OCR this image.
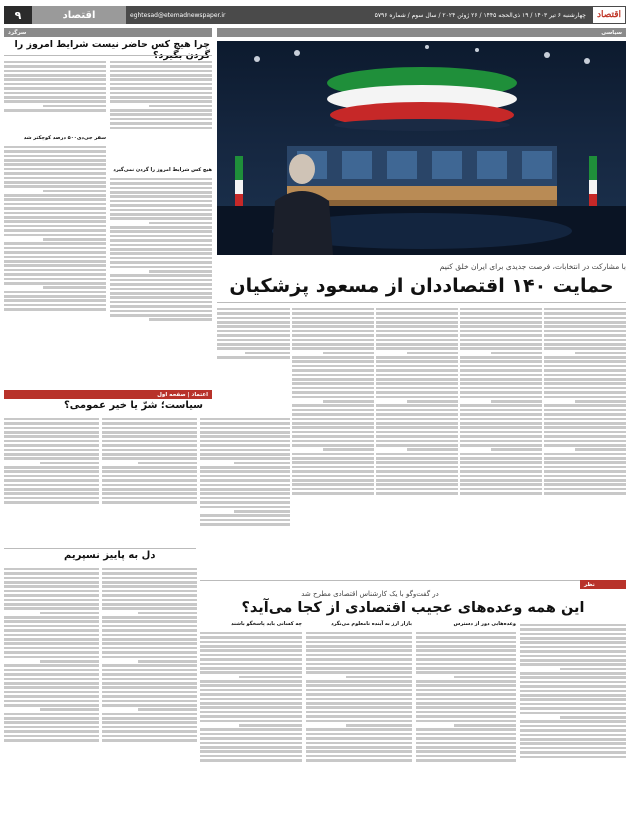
اقتصاد
چهارشنبه ۶ تیر ۱۴۰۳ / ۱۹ ذی‌الحجه ۱۴۴۵ / ۲۶ ژوئن ۲۰۲۴ / سال سوم / شماره ۵۷۹۶
eghtesad@etemadnewspaper.ir
اقتصاد
۹
سرگرد
چرا هیچ کس حاضر نیست شرایط امروز را
سفر جی‌دی‌۵۰۰ درصد کوچکتر شد
هیچ کس شرایط امروز را گردن نمی‌گیرد
سیاسی
با مشارکت در انتخابات، فرصت جدیدی برای ایران خلق کنیم
حمایت ۱۴۰ اقتصاددان از مسعود پزشکیان
اعتماد | صفحه اول
سیاست؛ شرّ یا خیر عمومی؟
دل به پاییز نسپریم
نظر
در گفت‌وگو با یک کارشناس اقتصادی مطرح شد
این همه وعده‌های عجیب اقتصادی از کجا می‌آید؟
وعده‌هایی دور از دسترس
بازار ارز به آینده نامعلوم می‌نگرد
چه کسانی باید پاسخگو باشند
